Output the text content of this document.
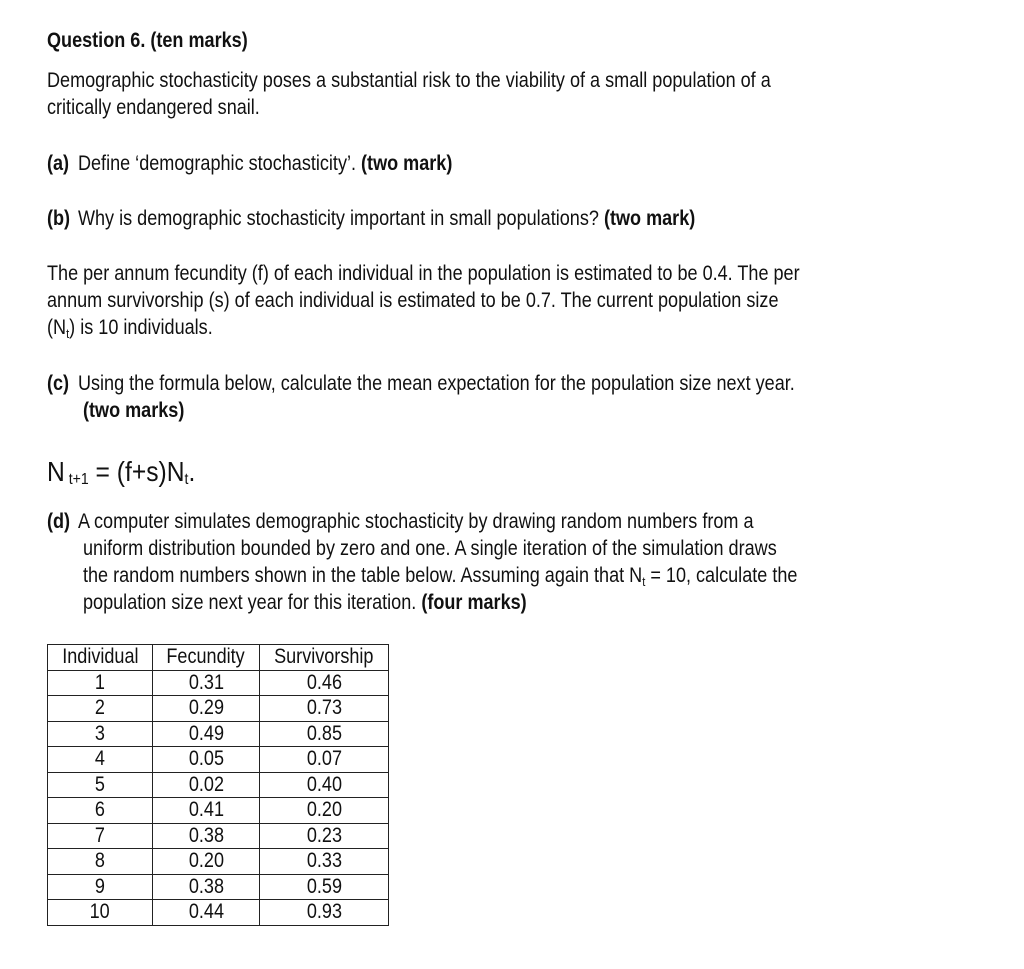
Question 6. (ten marks)
Demographic stochasticity poses a substantial risk to the viability of a small population of a
critically endangered snail.
(a) Define ‘demographic stochasticity’. (two mark)
(b) Why is demographic stochasticity important in small populations? (two mark)
The per annum fecundity (f) of each individual in the population is estimated to be 0.4. The per
annum survivorship (s) of each individual is estimated to be 0.7. The current population size
(Nt) is 10 individuals.
(c) Using the formula below, calculate the mean expectation for the population size next year.
(two marks)
N t+1 = (f+s)Nt.
(d) A computer simulates demographic stochasticity by drawing random numbers from a
uniform distribution bounded by zero and one. A single iteration of the simulation draws
the random numbers shown in the table below. Assuming again that Nt = 10, calculate the
population size next year for this iteration. (four marks)
Individual	Fecundity	Survivorship
1	0.31	0.46
2	0.29	0.73
3	0.49	0.85
4	0.05	0.07
5	0.02	0.40
6	0.41	0.20
7	0.38	0.23
8	0.20	0.33
9	0.38	0.59
10	0.44	0.93
